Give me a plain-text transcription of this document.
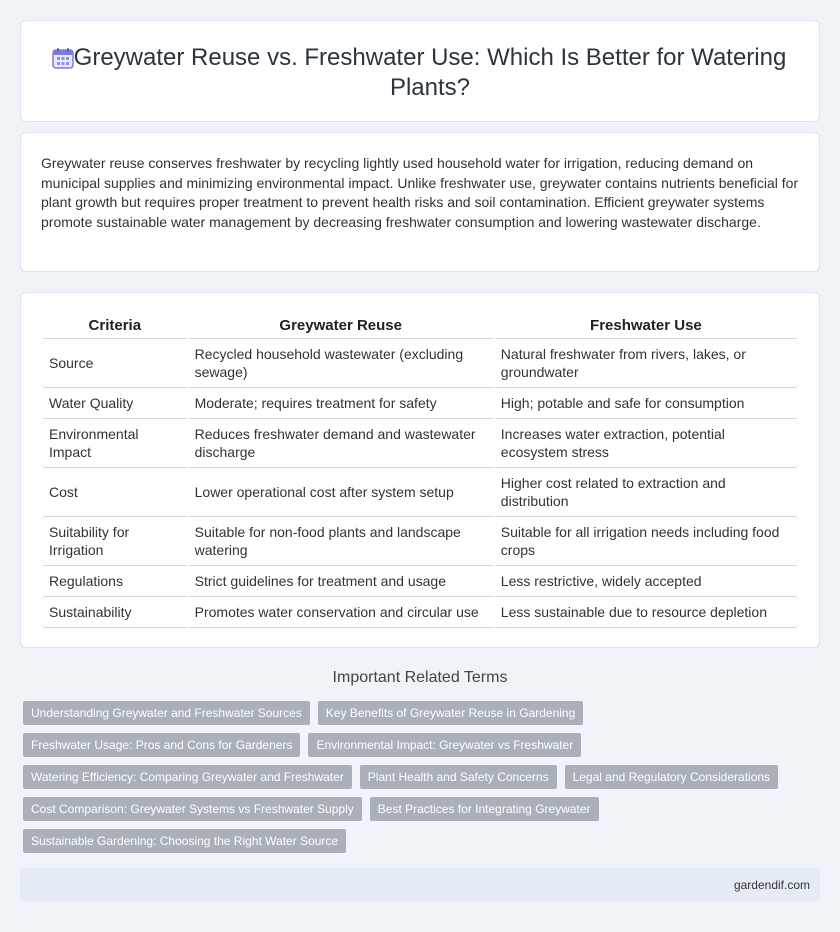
Greywater Reuse vs. Freshwater Use: Which Is Better for Watering Plants?

Greywater reuse conserves freshwater by recycling lightly used household water for irrigation, reducing demand on municipal supplies and minimizing environmental impact. Unlike freshwater use, greywater contains nutrients beneficial for plant growth but requires proper treatment to prevent health risks and soil contamination. Efficient greywater systems promote sustainable water management by decreasing freshwater consumption and lowering wastewater discharge.

Criteria	Greywater Reuse	Freshwater Use
Source	Recycled household wastewater (excluding sewage)	Natural freshwater from rivers, lakes, or groundwater
Water Quality	Moderate; requires treatment for safety	High; potable and safe for consumption
Environmental Impact	Reduces freshwater demand and wastewater discharge	Increases water extraction, potential ecosystem stress
Cost	Lower operational cost after system setup	Higher cost related to extraction and distribution
Suitability for Irrigation	Suitable for non-food plants and landscape watering	Suitable for all irrigation needs including food crops
Regulations	Strict guidelines for treatment and usage	Less restrictive, widely accepted
Sustainability	Promotes water conservation and circular use	Less sustainable due to resource depletion
Important Related Terms
Understanding Greywater and Freshwater Sources	Key Benefits of Greywater Reuse in Gardening
Freshwater Usage: Pros and Cons for Gardeners	Environmental Impact: Greywater vs Freshwater
Watering Efficiency: Comparing Greywater and Freshwater	Plant Health and Safety Concerns	Legal and Regulatory Considerations
Cost Comparison: Greywater Systems vs Freshwater Supply	Best Practices for Integrating Greywater
Sustainable Gardening: Choosing the Right Water Source
gardendif.com
